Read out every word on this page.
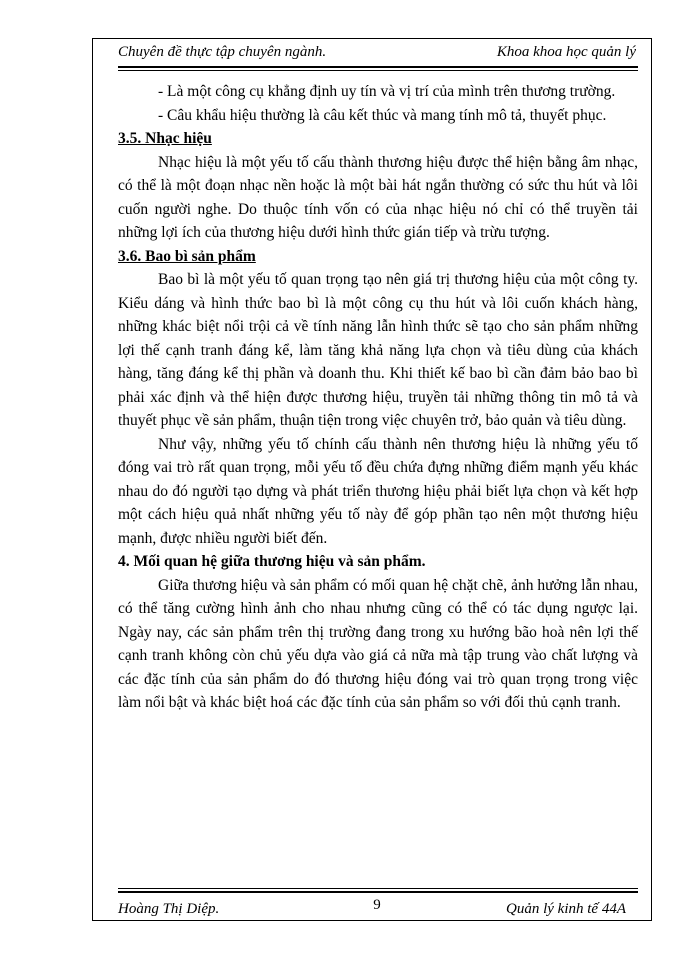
Chuyên đề thực tập chuyên ngành.	Khoa khoa học quản lý

- Là một công cụ khẳng định uy tín và vị trí của mình trên thương trường.

- Câu khẩu hiệu thường là câu kết thúc và mang tính mô tả, thuyết phục.

3.5. Nhạc hiệu

Nhạc hiệu là một yếu tố cấu thành thương hiệu được thể hiện bằng âm nhạc, có thể là một đoạn nhạc nền hoặc là một bài hát ngắn thường có sức thu hút và lôi cuốn người nghe. Do thuộc tính vốn có của nhạc hiệu nó chỉ có thể truyền tải những lợi ích của thương hiệu dưới hình thức gián tiếp và trừu tượng.

3.6. Bao bì sản phẩm

Bao bì là một yếu tố quan trọng tạo nên giá trị thương hiệu của một công ty. Kiểu dáng và hình thức bao bì là một công cụ thu hút và lôi cuốn khách hàng, những khác biệt nổi trội cả về tính năng lẫn hình thức sẽ tạo cho sản phẩm những lợi thế cạnh tranh đáng kể, làm tăng khả năng lựa chọn và tiêu dùng của khách hàng, tăng đáng kể thị phần và doanh thu. Khi thiết kế bao bì cần đảm bảo bao bì phải xác định và thể hiện được thương hiệu, truyền tải những thông tin mô tả và thuyết phục về sản phẩm, thuận tiện trong việc chuyên trở, bảo quản và tiêu dùng.

Như vậy, những yếu tố chính cấu thành nên thương hiệu là những yếu tố đóng vai trò rất quan trọng, mỗi yếu tố đều chứa đựng những điểm mạnh yếu khác nhau do đó người tạo dựng và phát triển thương hiệu phải biết lựa chọn và kết hợp một cách hiệu quả nhất những yếu tố này để góp phần tạo nên một thương hiệu mạnh, được nhiều người biết đến.

4. Mối quan hệ giữa thương hiệu và sản phẩm.

Giữa thương hiệu và sản phẩm có mối quan hệ chặt chẽ, ảnh hưởng lẫn nhau, có thể tăng cường hình ảnh cho nhau nhưng cũng có thể có tác dụng ngược lại. Ngày nay, các sản phẩm trên thị trường đang trong xu hướng bão hoà nên lợi thế cạnh tranh không còn chủ yếu dựa vào giá cả nữa mà tập trung vào chất lượng và các đặc tính của sản phẩm do đó thương hiệu đóng vai trò quan trọng trong việc làm nổi bật và khác biệt hoá các đặc tính của sản phẩm so với đối thủ cạnh tranh.

Hoàng Thị Diệp.	9	Quản lý kinh tế 44A
